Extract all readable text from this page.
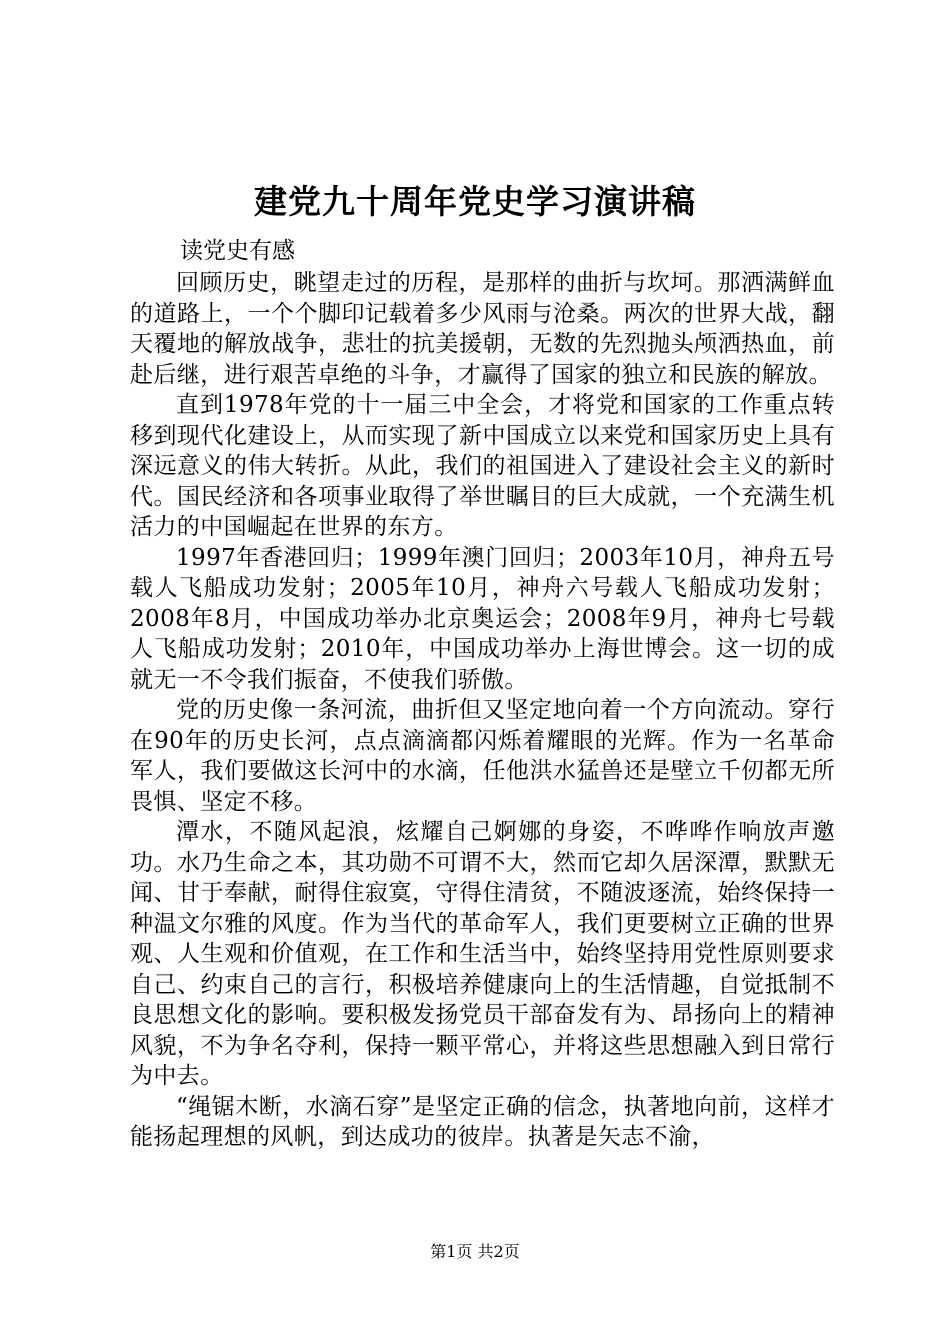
建党九十周年党史学习演讲稿
读党史有感

回顾历史，眺望走过的历程，是那样的曲折与坎坷。那洒满鲜血的道路上，一个个脚印记载着多少风雨与沧桑。两次的世界大战，翻天覆地的解放战争，悲壮的抗美援朝，无数的先烈抛头颅洒热血，前赴后继，进行艰苦卓绝的斗争，才赢得了国家的独立和民族的解放。

直到1978年党的十一届三中全会，才将党和国家的工作重点转移到现代化建设上，从而实现了新中国成立以来党和国家历史上具有深远意义的伟大转折。从此，我们的祖国进入了建设社会主义的新时代。国民经济和各项事业取得了举世瞩目的巨大成就，一个充满生机活力的中国崛起在世界的东方。

1997年香港回归；1999年澳门回归；2003年10月，神舟五号载人飞船成功发射；2005年10月，神舟六号载人飞船成功发射；2008年8月，中国成功举办北京奥运会；2008年9月，神舟七号载人飞船成功发射；2010年，中国成功举办上海世博会。这一切的成就无一不令我们振奋，不使我们骄傲。

党的历史像一条河流，曲折但又坚定地向着一个方向流动。穿行在90年的历史长河，点点滴滴都闪烁着耀眼的光辉。作为一名革命军人，我们要做这长河中的水滴，任他洪水猛兽还是壁立千仞都无所畏惧、坚定不移。

潭水，不随风起浪，炫耀自己婀娜的身姿，不哗哗作响放声邀功。水乃生命之本，其功勋不可谓不大，然而它却久居深潭，默默无闻、甘于奉献，耐得住寂寞，守得住清贫，不随波逐流，始终保持一种温文尔雅的风度。作为当代的革命军人，我们更要树立正确的世界观、人生观和价值观，在工作和生活当中，始终坚持用党性原则要求自己、约束自己的言行，积极培养健康向上的生活情趣，自觉抵制不良思想文化的影响。要积极发扬党员干部奋发有为、昂扬向上的精神风貌，不为争名夺利，保持一颗平常心，并将这些思想融入到日常行为中去。

“绳锯木断，水滴石穿”是坚定正确的信念，执著地向前，这样才能扬起理想的风帆，到达成功的彼岸。执著是矢志不渝，

第1页 共2页
